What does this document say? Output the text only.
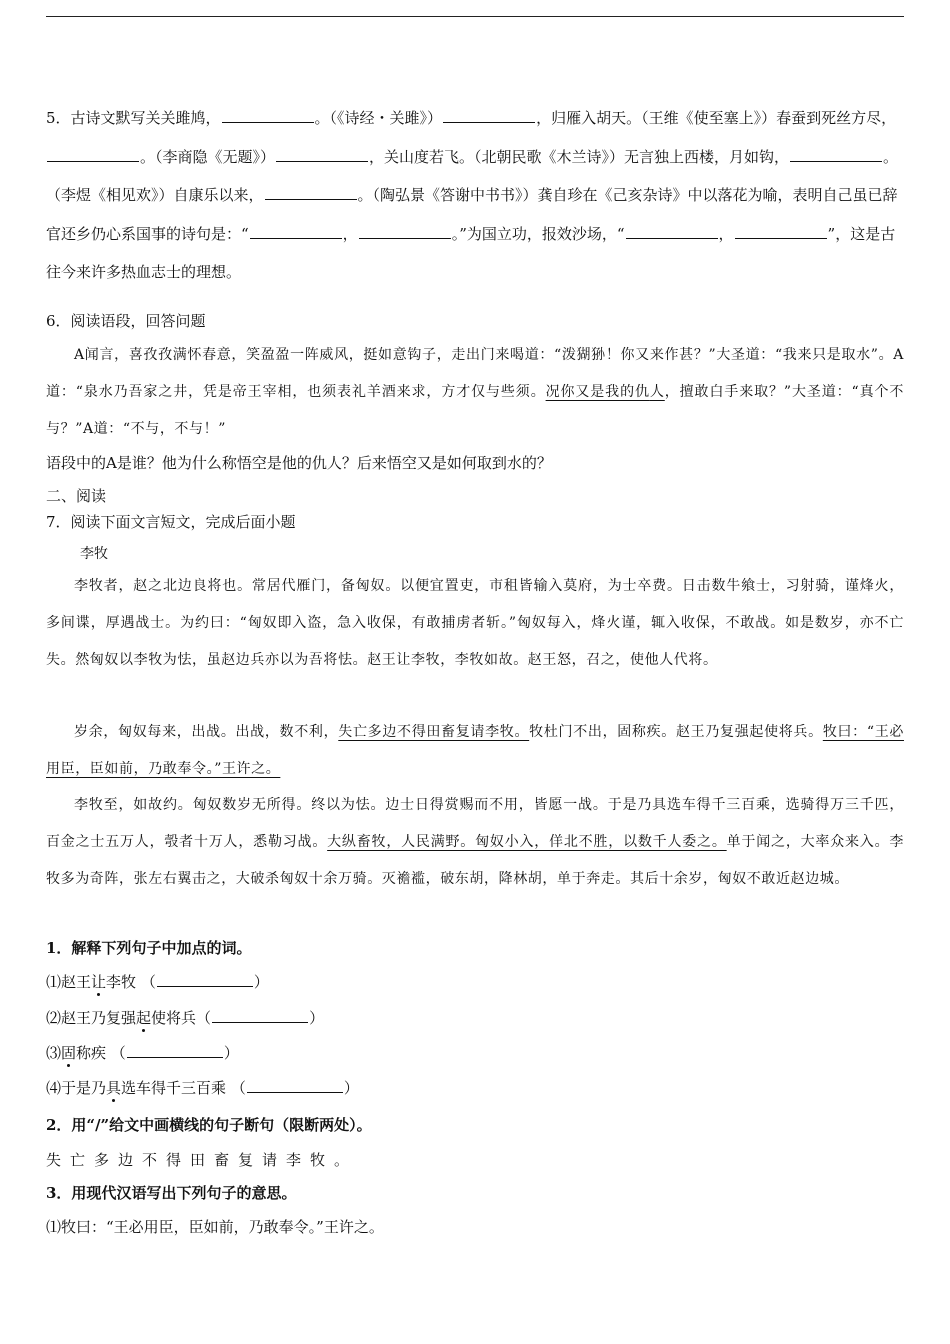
5．古诗文默写关关雎鸠，	。（《诗经・关雎》）	，归雁入胡天。（王维《使至塞上》）春蚕到死丝方尽，。（李商隐《无题》）	，关山度若飞。（北朝民歌《木兰诗》）无言独上西楼，月如钩，	。（李煜《相见欢》）自康乐以来，	。（陶弘景《答谢中书书》）龚自珍在《己亥杂诗》中以落花为喻，表明自己虽已辞官还乡仍心系国事的诗句是：“	，	。”为国立功，报效沙场，“	，	”，这是古往今来许多热血志士的理想。
6．阅读语段，回答问题
A闻言，喜孜孜满怀春意，笑盈盈一阵威风，挺如意钩子，走出门来喝道：“泼猢狲！你又来作甚？”大圣道：“我来只是取水”。A道：“泉水乃吾家之井，凭是帝王宰相，也须表礼羊酒来求，方才仅与些须。况你又是我的仇人，擅敢白手来取？”大圣道：“真个不与？”A道：“不与，不与！”
语段中的A是谁？他为什么称悟空是他的仇人？后来悟空又是如何取到水的？
二、阅读
7．阅读下面文言短文，完成后面小题
李牧
李牧者，赵之北边良将也。常居代雁门，备匈奴。以便宜置吏，市租皆输入莫府，为士卒费。日击数牛飨士，习射骑，谨烽火，多间谍，厚遇战士。为约曰：“匈奴即入盗，急入收保，有敢捕虏者斩。”匈奴每入，烽火谨，辄入收保，不敢战。如是数岁，亦不亡失。然匈奴以李牧为怯，虽赵边兵亦以为吾将怯。赵王让李牧，李牧如故。赵王怒，召之，使他人代将。
岁余，匈奴每来，出战。出战，数不利，失亡多边不得田畜复请李牧。牧杜门不出，固称疾。赵王乃复强起使将兵。牧曰：“王必用臣，臣如前，乃敢奉令。”王许之。
李牧至，如故约。匈奴数岁无所得。终以为怯。边士日得赏赐而不用，皆愿一战。于是乃具选车得千三百乘，选骑得万三千匹，百金之士五万人，彀者十万人，悉勒习战。大纵畜牧，人民满野。匈奴小入，佯北不胜，以数千人委之。单于闻之，大率众来入。李牧多为奇阵，张左右翼击之，大破杀匈奴十余万骑。灭襜褴，破东胡，降林胡，单于奔走。其后十余岁，匈奴不敢近赵边城。
1．解释下列句子中加点的词。
⑴赵王让李牧 （	）
⑵赵王乃复强起使将兵（	）
⑶固称疾 （	）
⑷于是乃具选车得千三百乘 （	）
2．用“/”给文中画横线的句子断句（限断两处）。
失亡多边不得田畜复请李牧。
3．用现代汉语写出下列句子的意思。
⑴牧曰：“王必用臣，臣如前，乃敢奉令。”王许之。
